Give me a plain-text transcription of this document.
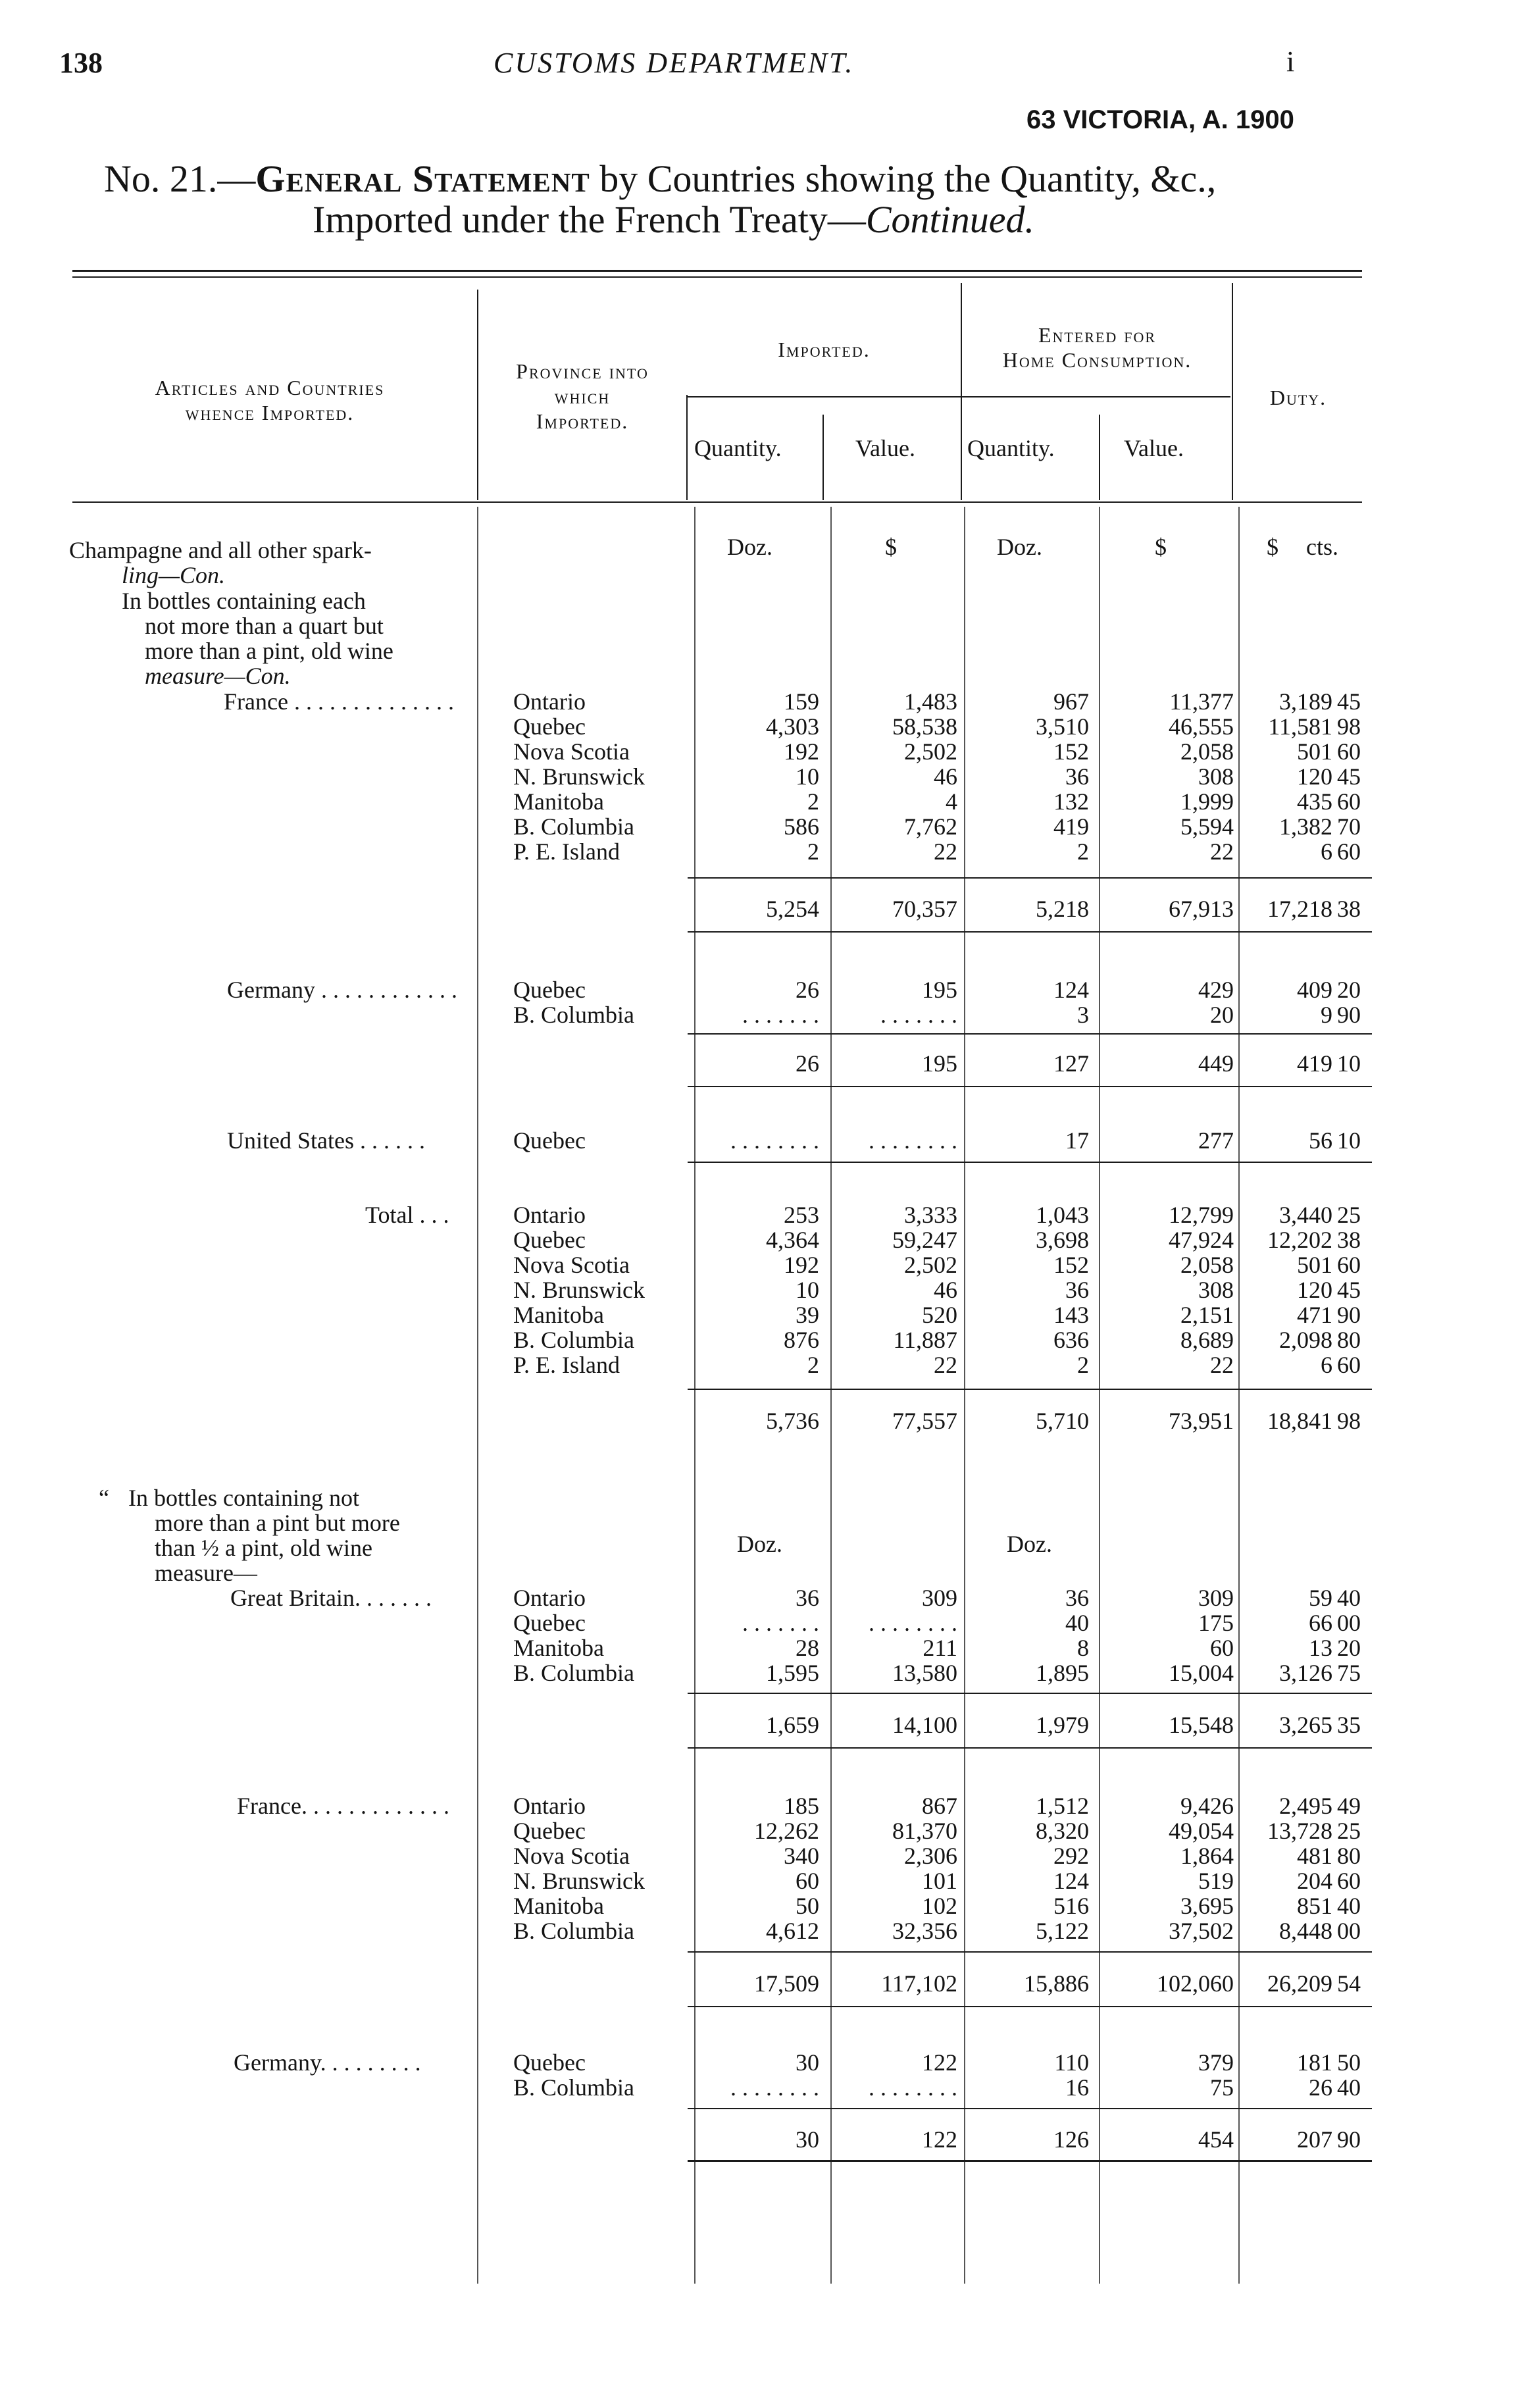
138	CUSTOMS DEPARTMENT.	i
63 VICTORIA, A. 1900
No. 21.—General Statement by Countries showing the Quantity, &c.,
Imported under the French Treaty—Continued.
Articles and Countries
whence Imported.
Province into
which
Imported.
Imported.
Entered for
Home Consumption.
Duty.
Quantity.	Value. Quantity.	Value.
Doz.	$	Doz.	$	$ cts.
Champagne and all other spark-
ling—Con.
In bottles containing each
not more than a quart but
more than a pint, old wine
measure—Con.
France . . . . . . . . . . . . . .	Ontario	159	1,483	967	11,377	3,189 45
Quebec	4,303	58,538	3,510	46,555	11,581 98
Nova Scotia	192	2,502	152	2,058	501 60
N. Brunswick	10	46	36	308	120 45
Manitoba	2	4	132	1,999	435 60
B. Columbia	586	7,762	419	5,594	1,382 70
P. E. Island	2	22	2	22	6 60
5,254	70,357	5,218	67,913	17,218 38
Germany . . . . . . . . . . . . Quebec	26	195	124	429	409 20
B. Columbia	. . . . . . .	. . . . . . .	3	20	9 90
26	195	127	449	419 10
United States . . . . . .	Quebec	. . . . . . . .	. . . . . . . .	17	277	56 10
Total . . .	Ontario	253	3,333	1,043	12,799	3,440 25
Quebec	4,364	59,247	3,698	47,924	12,202 38
Nova Scotia	192	2,502	152	2,058	501 60
N. Brunswick	10	46	36	308	120 45
Manitoba	39	520	143	2,151	471 90
B. Columbia	876	11,887	636	8,689	2,098 80
P. E. Island	2	22	2	22	6 60
5,736	77,557	5,710	73,951	18,841 98
“ In bottles containing not
more than a pint but more
than ½ a pint, old wine
measure—
Doz.	Doz.
Great Britain. . . . . . .	Ontario	36	309	36	309	59 40
Quebec	. . . . . . .	. . . . . . . .	40	175	66 00
Manitoba	28	211	8	60	13 20
B. Columbia	1,595	13,580	1,895	15,004	3,126 75
1,659	14,100	1,979	15,548	3,265 35
France. . . . . . . . . . . . .	Ontario	185	867	1,512	9,426	2,495 49
Quebec	12,262	81,370	8,320	49,054	13,728 25
Nova Scotia	340	2,306	292	1,864	481 80
N. Brunswick	60	101	124	519	204 60
Manitoba	50	102	516	3,695	851 40
B. Columbia	4,612	32,356	5,122	37,502	8,448 00
17,509	117,102	15,886	102,060	26,209 54
Germany. . . . . . . . .	Quebec	30	122	110	379	181 50
B. Columbia	. . . . . . . .	. . . . . . . .	16	75	26 40
30	122	126	454	207 90
